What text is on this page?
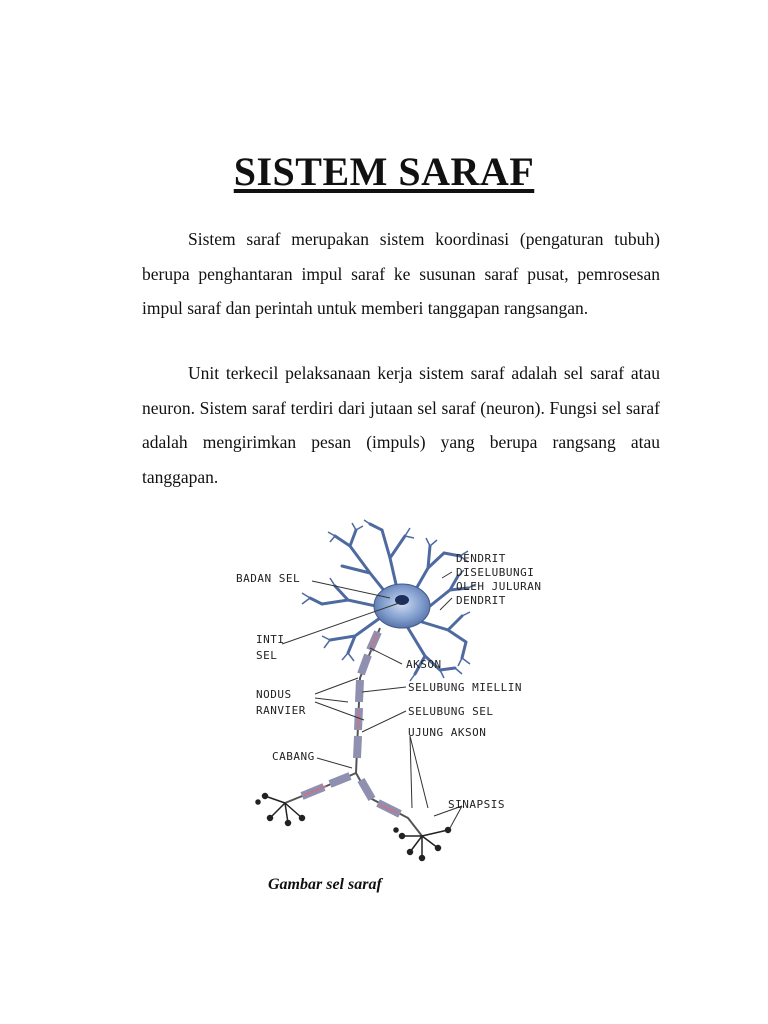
SISTEM SARAF

Sistem saraf merupakan sistem koordinasi (pengaturan tubuh) berupa penghantaran impul saraf ke susunan saraf pusat, pemrosesan impul saraf dan perintah untuk memberi tanggapan rangsangan.

Unit terkecil pelaksanaan kerja sistem saraf adalah sel saraf atau neuron. Sistem saraf terdiri dari jutaan sel saraf (neuron). Fungsi sel saraf adalah mengirimkan pesan (impuls) yang berupa rangsang atau tanggapan.

BADAN SEL
INTI
SEL
NODUS
RANVIER
CABANG
DENDRIT
DISELUBUNGI
OLEH JULURAN
DENDRIT
AKSON
SELUBUNG MIELLIN
SELUBUNG SEL
UJUNG AKSON
SINAPSIS
Gambar sel saraf
